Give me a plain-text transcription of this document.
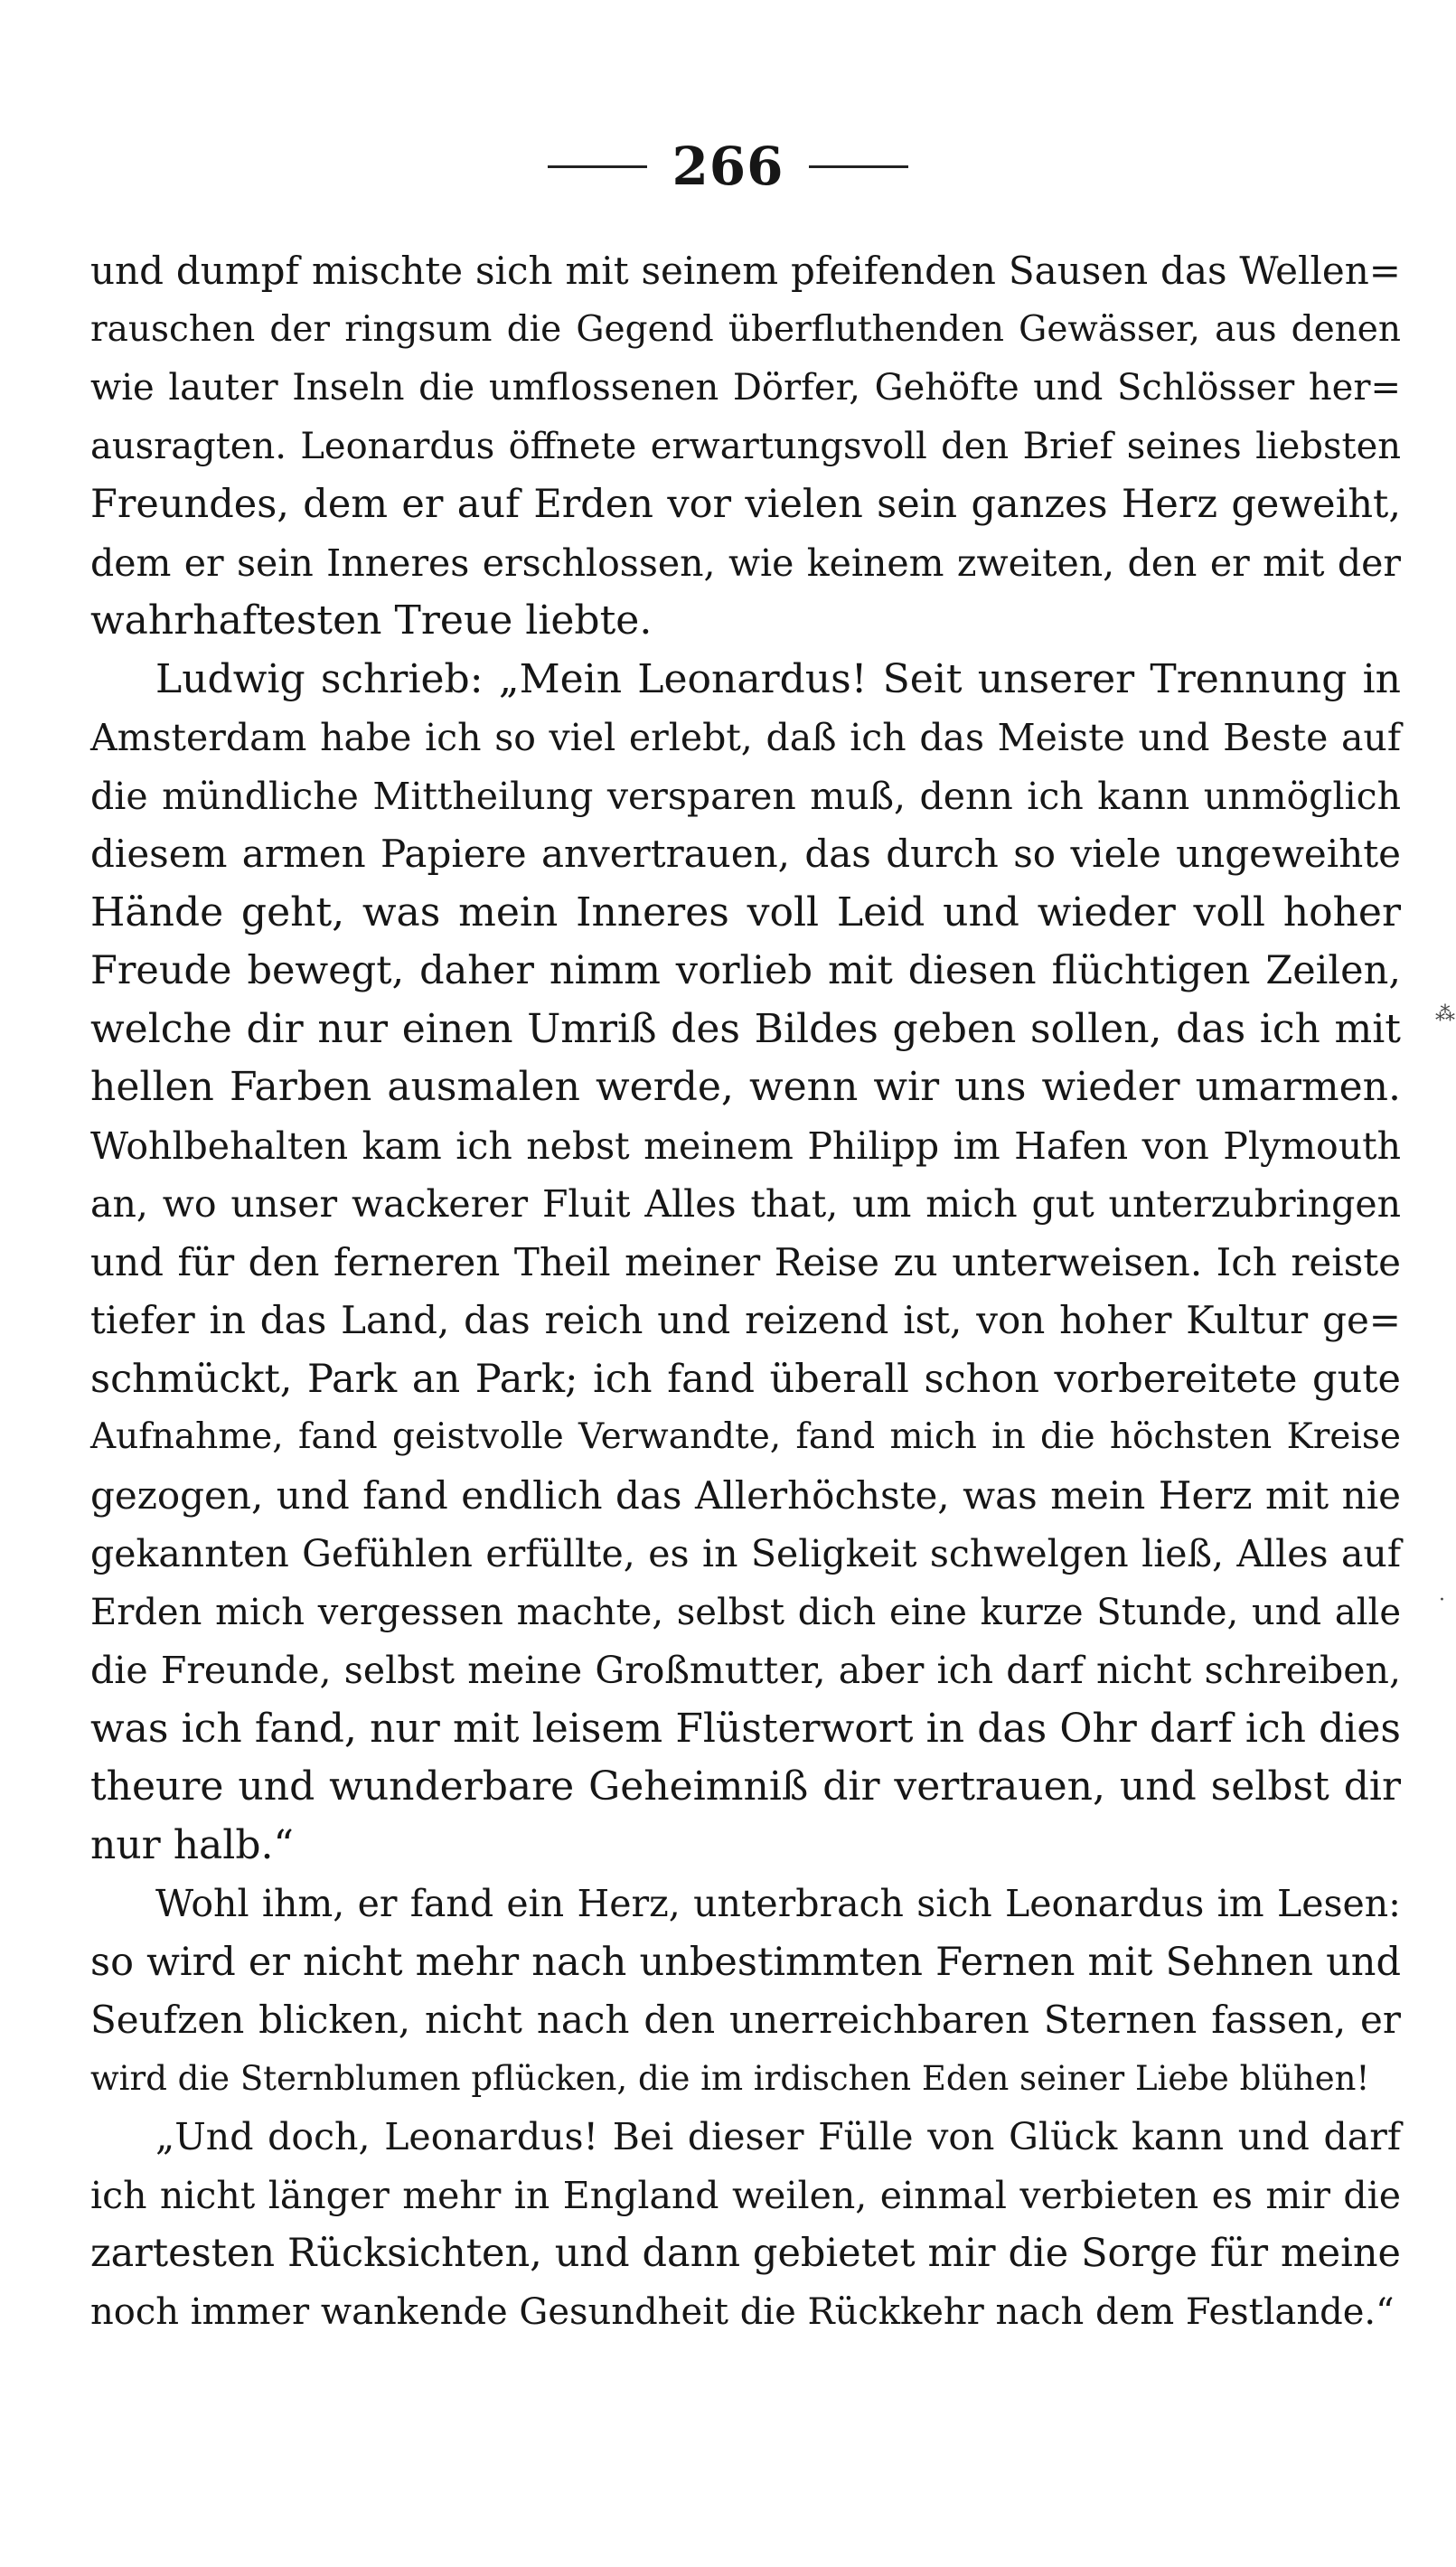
266
und dumpf mischte sich mit seinem pfeifenden Sausen das Wellen=
rauschen der ringsum die Gegend überfluthenden Gewässer, aus denen
wie lauter Inseln die umflossenen Dörfer, Gehöfte und Schlösser her=
ausragten. Leonardus öffnete erwartungsvoll den Brief seines liebsten
Freundes, dem er auf Erden vor vielen sein ganzes Herz geweiht,
dem er sein Inneres erschlossen, wie keinem zweiten, den er mit der
wahrhaftesten Treue liebte.
Ludwig schrieb: „Mein Leonardus! Seit unserer Trennung in
Amsterdam habe ich so viel erlebt, daß ich das Meiste und Beste auf
die mündliche Mittheilung versparen muß, denn ich kann unmöglich
diesem armen Papiere anvertrauen, das durch so viele ungeweihte
Hände geht, was mein Inneres voll Leid und wieder voll hoher
Freude bewegt, daher nimm vorlieb mit diesen flüchtigen Zeilen,
welche dir nur einen Umriß des Bildes geben sollen, das ich mit
hellen Farben ausmalen werde, wenn wir uns wieder umarmen.
Wohlbehalten kam ich nebst meinem Philipp im Hafen von Plymouth
an, wo unser wackerer Fluit Alles that, um mich gut unterzubringen
und für den ferneren Theil meiner Reise zu unterweisen. Ich reiste
tiefer in das Land, das reich und reizend ist, von hoher Kultur ge=
schmückt, Park an Park; ich fand überall schon vorbereitete gute
Aufnahme, fand geistvolle Verwandte, fand mich in die höchsten Kreise
gezogen, und fand endlich das Allerhöchste, was mein Herz mit nie
gekannten Gefühlen erfüllte, es in Seligkeit schwelgen ließ, Alles auf
Erden mich vergessen machte, selbst dich eine kurze Stunde, und alle
die Freunde, selbst meine Großmutter, aber ich darf nicht schreiben,
was ich fand, nur mit leisem Flüsterwort in das Ohr darf ich dies
theure und wunderbare Geheimniß dir vertrauen, und selbst dir
nur halb.“
Wohl ihm, er fand ein Herz, unterbrach sich Leonardus im Lesen:
so wird er nicht mehr nach unbestimmten Fernen mit Sehnen und
Seufzen blicken, nicht nach den unerreichbaren Sternen fassen, er
wird die Sternblumen pflücken, die im irdischen Eden seiner Liebe blühen!
„Und doch, Leonardus! Bei dieser Fülle von Glück kann und darf
ich nicht länger mehr in England weilen, einmal verbieten es mir die
zartesten Rücksichten, und dann gebietet mir die Sorge für meine
noch immer wankende Gesundheit die Rückkehr nach dem Festlande.“
⁂
·
